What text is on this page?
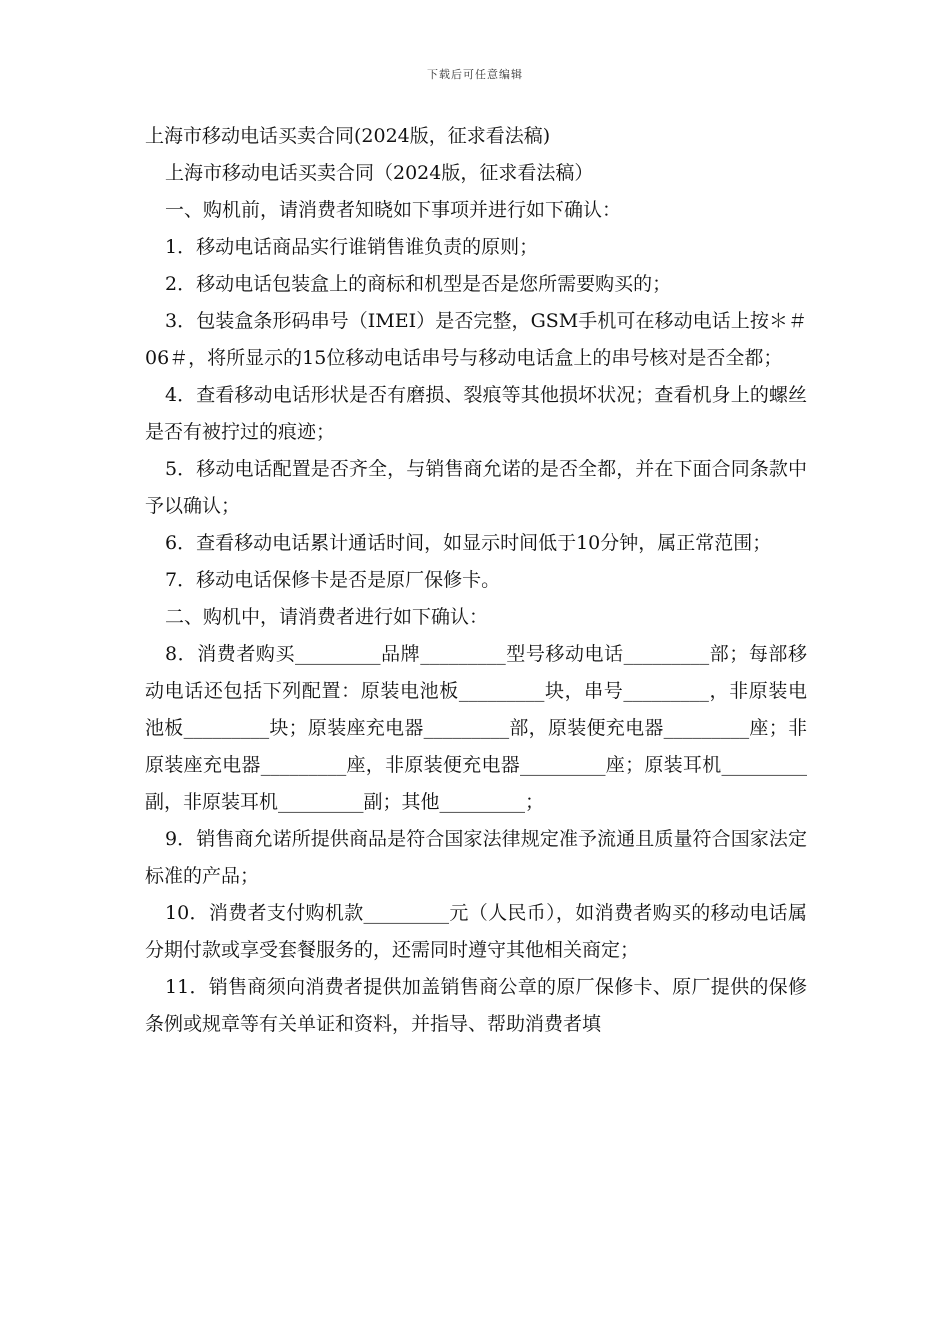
下载后可任意编辑

上海市移动电话买卖合同(2024版，征求看法稿)

上海市移动电话买卖合同（2024版，征求看法稿）

一、购机前，请消费者知晓如下事项并进行如下确认：

1．移动电话商品实行谁销售谁负责的原则；

2．移动电话包装盒上的商标和机型是否是您所需要购买的；

3．包装盒条形码串号（IMEI）是否完整，GSM手机可在移动电话上按＊＃06＃，将所显示的15位移动电话串号与移动电话盒上的串号核对是否全都；

4．查看移动电话形状是否有磨损、裂痕等其他损坏状况；查看机身上的螺丝是否有被拧过的痕迹；

5．移动电话配置是否齐全，与销售商允诺的是否全都，并在下面合同条款中予以确认；

6．查看移动电话累计通话时间，如显示时间低于10分钟，属正常范围；

7．移动电话保修卡是否是原厂保修卡。

二、购机中，请消费者进行如下确认：

8．消费者购买_________品牌_________型号移动电话_________部；每部移动电话还包括下列配置：原装电池板_________块，串号_________，非原装电池板_________块；原装座充电器_________部，原装便充电器_________座；非原装座充电器_________座，非原装便充电器_________座；原装耳机_________副，非原装耳机_________副；其他_________；

9．销售商允诺所提供商品是符合国家法律规定准予流通且质量符合国家法定标准的产品；

10．消费者支付购机款_________元（人民币），如消费者购买的移动电话属分期付款或享受套餐服务的，还需同时遵守其他相关商定；

11．销售商须向消费者提供加盖销售商公章的原厂保修卡、原厂提供的保修条例或规章等有关单证和资料，并指导、帮助消费者填
